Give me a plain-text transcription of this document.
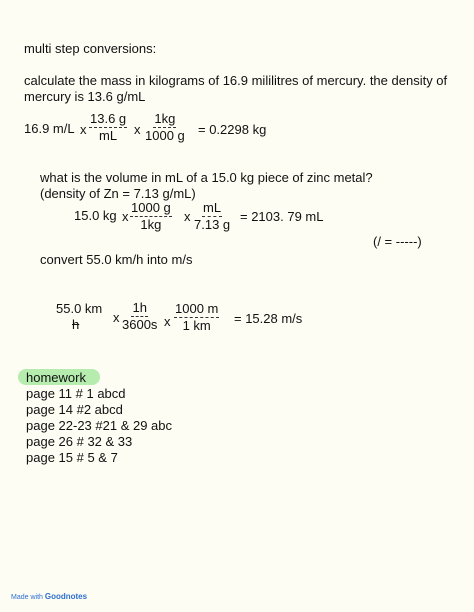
multi step conversions:
calculate the mass in kilograms of 16.9 mililitres of mercury. the density of
mercury is 13.6 g/mL
16.9 m/L x $\frac{13.6 g}{mL}$ x $\frac{1kg}{1000 g} = 0.2298$ kg
what is the volume in mL of a 15.0 kg piece of zinc metal?
(density of Zn = 7.13 g/mL)
15.0 kg x $\frac{1000 g}{1kg}$ x $\frac{mL}{7.13 g} = 2103$. 79 mL
(/ = -----)
convert 55.0 km/h into m/s
55.0 km
h	x $\frac{1h}{3600s}$ x $\frac{1000 m}{1 km} = 15.28$ m/s
homework
page 11 # 1 abcd
page 14 #2 abcd
page 22-23 #21 & 29 abc
page 26 # 32 & 33
page 15 # 5 & 7
Made with Goodnotes
